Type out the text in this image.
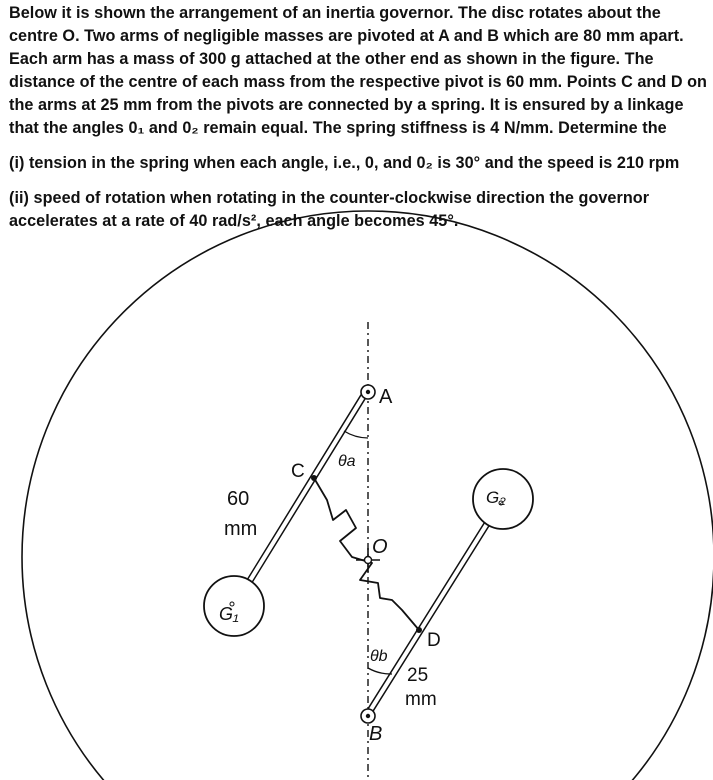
Below it is shown the arrangement of an inertia governor. The disc rotates about the centre O. Two arms of negligible masses are pivoted at A and B which are 80 mm apart. Each arm has a mass of 300 g attached at the other end as shown in the figure. The distance of the centre of each mass from the respective pivot is 60 mm. Points C and D on the arms at 25 mm from the pivots are connected by a spring. It is ensured by a linkage that the angles 0₁ and 0₂ remain equal. The spring stiffness is 4 N/mm. Determine the

(i) tension in the spring when each angle, i.e., 0, and 0₂ is 30° and the speed is 210 rpm

(ii) speed of rotation when rotating in the counter-clockwise direction the governor accelerates at a rate of 40 rad/s², each angle becomes 45°.

A
B
C
D
O
θa
θb
G₁
G₂
60
mm
25
mm
